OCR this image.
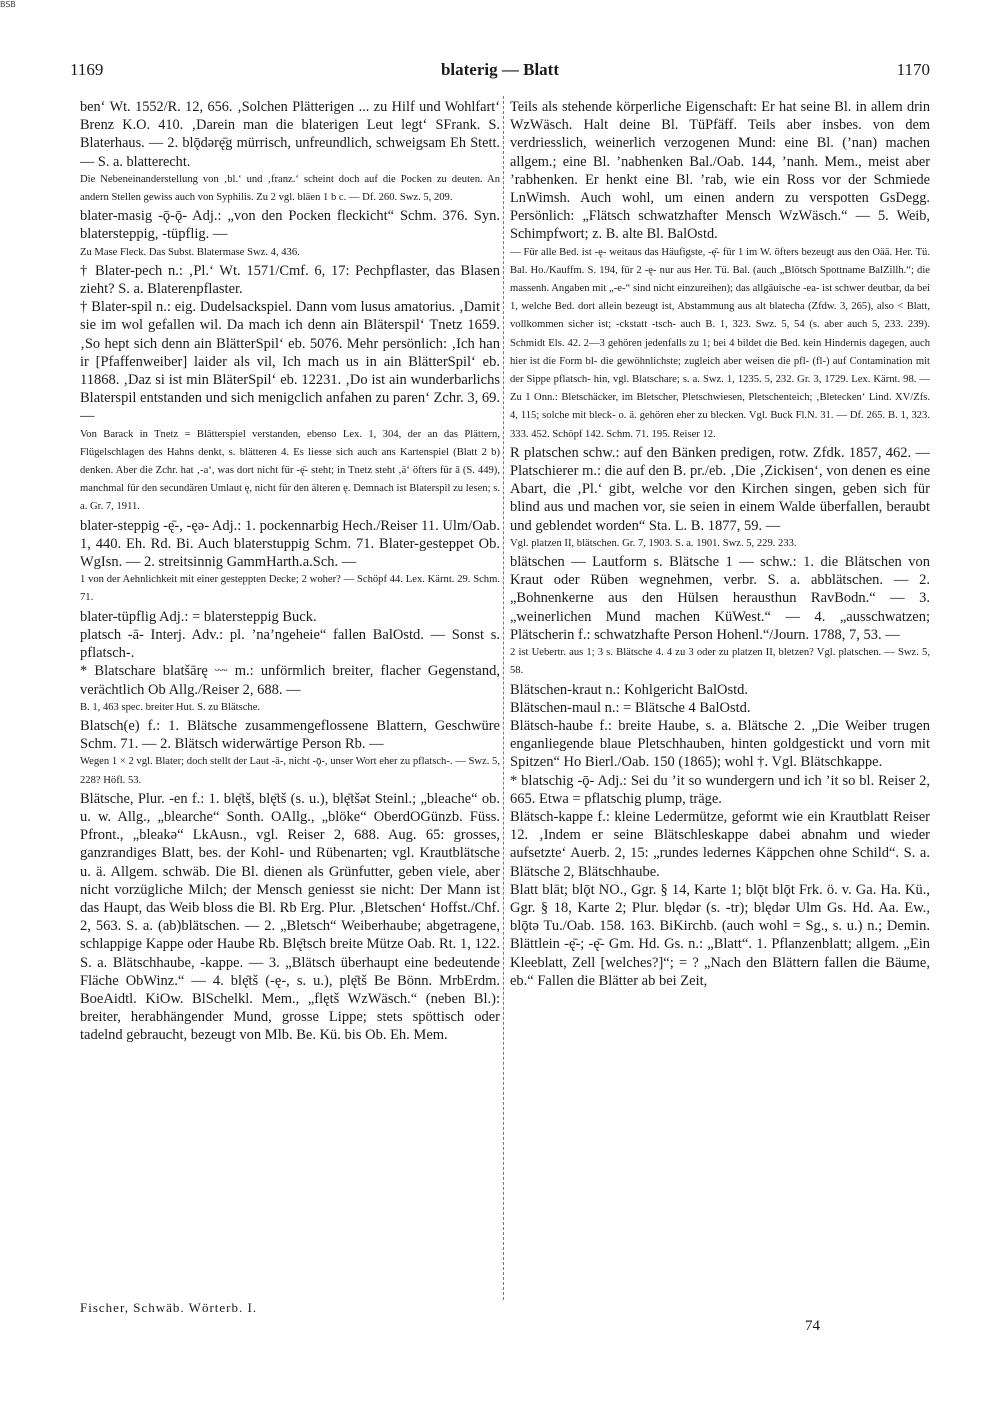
BSB
1169	blaterig — Blatt	1170

ben‘ Wt. 1552/R. 12, 656. ‚Solchen Plätterigen ... zu Hilf und Wohlfart‘ Brenz K.O. 410. ‚Darein man die blaterigen Leut legt‘ SFrank. S. Blaterhaus. — 2. blǭdərę̄g mürrisch, unfreundlich, schweigsam Eh Stett. — S. a. blatterecht.

Die Nebeneinanderstellung von ‚bl.‘ und ‚franz.‘ scheint doch auf die Pocken zu deuten. An andern Stellen gewiss auch von Syphilis. Zu 2 vgl. bläen 1 b c. — Df. 260. Swz. 5, 209.

blater-masig -ǭ-ǭ- Adj.: „von den Pocken fleckicht“ Schm. 376. Syn. blatersteppig, -tüpflig. —

Zu Mase Fleck. Das Subst. Blatermase Swz. 4, 436.

† Blater-pech n.: ‚Pl.‘ Wt. 1571/Cmf. 6, 17: Pechpflaster, das Blasen zieht? S. a. Blaterenpflaster.

† Blater-spil n.: eig. Dudelsackspiel. Dann vom lusus amatorius. ‚Damit sie im wol gefallen wil. Da mach ich denn ain Bläterspil‘ Tnetz 1659. ‚So hept sich denn ain BlätterSpil‘ eb. 5076. Mehr persönlich: ‚Ich han ir [Pfaffenweiber] laider als vil, Ich mach us in ain BlätterSpil‘ eb. 11868. ‚Daz si ist min BläterSpil‘ eb. 12231. ‚Do ist ain wunderbarlichs Blaterspil entstanden und sich menigclich anfahen zu paren‘ Zchr. 3, 69. —

Von Barack in Tnetz = Blätterspiel verstanden, ebenso Lex. 1, 304, der an das Plättern, Flügelschlagen des Hahns denkt, s. blätteren 4. Es liesse sich auch ans Kartenspiel (Blatt 2 b) denken. Aber die Zchr. hat ‚-a‘, was dort nicht für -ę̄- steht; in Tnetz steht ‚ä‘ öfters für ā (S. 449), manchmal für den secundären Umlaut ę, nicht für den älteren ę. Demnach ist Blaterspil zu lesen; s. a. Gr. 7, 1911.

blater-steppig -ę̄-, -ęə- Adj.: 1. pockennarbig Hech./Reiser 11. Ulm/Oab. 1, 440. Eh. Rd. Bi. Auch blaterstuppig Schm. 71. Blater-gesteppet Ob. WgIsn. — 2. streitsinnig GammHarth.a.Sch. —

1 von der Aehnlichkeit mit einer gesteppten Decke; 2 woher? — Schöpf 44. Lex. Kärnt. 29. Schm. 71.

blater-tüpflig Adj.: = blatersteppig Buck.

platsch -ā- Interj. Adv.: pl. ’na’ngeheie“ fallen BalOstd. — Sonst s. pflatsch-.

* Blatschare blatšārę ᵕᵕᵕ m.: unförmlich breiter, flacher Gegenstand, verächtlich Ob Allg./Reiser 2, 688. —

B. 1, 463 spec. breiter Hut. S. zu Blätsche.

Blatsch(e) f.: 1. Blätsche zusammengeflossene Blattern, Geschwüre Schm. 71. — 2. Blätsch widerwärtige Person Rb. —

Wegen 1 × 2 vgl. Blater; doch stellt der Laut -ā-, nicht -ǭ-, unser Wort eher zu pflatsch-. — Swz. 5, 228? Höfl. 53.

Blätsche, Plur. -en f.: 1. blę̄tš, blę̄tš (s. u.), blę̄tšət Steinl.; „bleache“ ob. u. w. Allg., „blearche“ Sonth. OAllg., „blöke“ OberdOGünzb. Füss. Pfront., „bleakə“ LkAusn., vgl. Reiser 2, 688. Aug. 65: grosses, ganzrandiges Blatt, bes. der Kohl- und Rübenarten; vgl. Krautblätsche u. ä. Allgem. schwäb. Die Bl. dienen als Grünfutter, geben viele, aber nicht vorzügliche Milch; der Mensch geniesst sie nicht: Der Mann ist das Haupt, das Weib bloss die Bl. Rb Erg. Plur. ‚Bletschen‘ Hoffst./Chf. 2, 563. S. a. (ab)blätschen. — 2. „Bletsch“ Weiberhaube; abgetragene, schlappige Kappe oder Haube Rb. Blę̄tsch breite Mütze Oab. Rt. 1, 122. S. a. Blätschhaube, -kappe. — 3. „Blätsch überhaupt eine bedeutende Fläche ObWinz.“ — 4. blę̄tš (-ę-, s. u.), plę̄tš Be Bönn. MrbErdm. BoeAidtl. KiOw. BlSchelkl. Mem., „flętš WzWäsch.“ (neben Bl.): breiter, herabhängender Mund, grosse Lippe; stets spöttisch oder tadelnd gebraucht, bezeugt von Mlb. Be. Kü. bis Ob. Eh. Mem.

Teils als stehende körperliche Eigenschaft: Er hat seine Bl. in allem drin WzWäsch. Halt deine Bl. TüPfäff. Teils aber insbes. von dem verdriesslich, weinerlich verzogenen Mund: eine Bl. (’nan) machen allgem.; eine Bl. ’nabhenken Bal./Oab. 144, ’nanh. Mem., meist aber ’rabhenken. Er henkt eine Bl. ’rab, wie ein Ross vor der Schmiede LnWimsh. Auch wohl, um einen andern zu verspotten GsDegg. Persönlich: „Flätsch schwatzhafter Mensch WzWäsch.“ — 5. Weib, Schimpfwort; z. B. alte Bl. BalOstd.

— Für alle Bed. ist -ę- weitaus das Häufigste, -ę̄- für 1 im W. öfters bezeugt aus den Oää. Her. Tü. Bal. Ho./Kauffm. S. 194, für 2 -ę- nur aus Her. Tü. Bal. (auch „Blötsch Spottname BalZillh.“; die massenh. Angaben mit „-e-“ sind nicht einzureihen); das allgäuische -ea- ist schwer deutbar, da bei 1, welche Bed. dort allein bezeugt ist, Abstammung aus alt blatecha (Zfdw. 3, 265), also < Blatt, vollkommen sicher ist; -ckstatt -tsch- auch B. 1, 323. Swz. 5, 54 (s. aber auch 5, 233. 239). Schmidt Els. 42. 2—3 gehören jedenfalls zu 1; bei 4 bildet die Bed. kein Hindernis dagegen, auch hier ist die Form bl- die gewöhnlichste; zugleich aber weisen die pfl- (fl-) auf Contamination mit der Sippe pflatsch- hin, vgl. Blatschare; s. a. Swz. 1, 1235. 5, 232. Gr. 3, 1729. Lex. Kärnt. 98. — Zu 1 Onn.: Bletschäcker, im Bletscher, Pletschwiesen, Pletschenteich; ‚Bletecken‘ Lind. XV/Zfs. 4, 115; solche mit bleck- o. ä. gehören eher zu blecken. Vgl. Buck Fl.N. 31. — Df. 265. B. 1, 323. 333. 452. Schöpf 142. Schm. 71. 195. Reiser 12.

R platschen schw.: auf den Bänken predigen, rotw. Zfdk. 1857, 462. — Platschierer m.: die auf den B. pr./eb. ‚Die ‚Zickisen‘, von denen es eine Abart, die ‚Pl.‘ gibt, welche vor den Kirchen singen, geben sich für blind aus und machen vor, sie seien in einem Walde überfallen, beraubt und geblendet worden“ Sta. L. B. 1877, 59. —

Vgl. platzen II, blätschen. Gr. 7, 1903. S. a. 1901. Swz. 5, 229. 233.

blätschen — Lautform s. Blätsche 1 — schw.: 1. die Blätschen von Kraut oder Rüben wegnehmen, verbr. S. a. abblätschen. — 2. „Bohnenkerne aus den Hülsen herausthun RavBodn.“ — 3. „weinerlichen Mund machen KüWest.“ — 4. „ausschwatzen; Plätscherin f.: schwatzhafte Person Hohenl.“/Journ. 1788, 7, 53. —

2 ist Uebertr. aus 1; 3 s. Blätsche 4. 4 zu 3 oder zu platzen II, bletzen? Vgl. platschen. — Swz. 5, 58.

Blätschen-kraut n.: Kohlgericht BalOstd.

Blätschen-maul n.: = Blätsche 4 BalOstd.

Blätsch-haube f.: breite Haube, s. a. Blätsche 2. „Die Weiber trugen enganliegende blaue Pletschhauben, hinten goldgestickt und vorn mit Spitzen“ Ho Bierl./Oab. 150 (1865); wohl †. Vgl. Blätschkappe.

* blatschig -ǭ- Adj.: Sei du ’it so wundergern und ich ’it so bl. Reiser 2, 665. Etwa = pflatschig plump, träge.

Blätsch-kappe f.: kleine Ledermütze, geformt wie ein Krautblatt Reiser 12. ‚Indem er seine Blätschleskappe dabei abnahm und wieder aufsetzte‘ Auerb. 2, 15: „rundes ledernes Käppchen ohne Schild“. S. a. Blätsche 2, Blätschhaube.

Blatt blāt; blǭt NO., Ggr. § 14, Karte 1; blǭt blǭt Frk. ö. v. Ga. Ha. Kü., Ggr. § 18, Karte 2; Plur. blędər (s. -tr); blędər Ulm Gs. Hd. Aa. Ew., blǭtə Tu./Oab. 158. 163. BiKirchb. (auch wohl = Sg., s. u.) n.; Demin. Blättlein -ę̄-; -ę̄- Gm. Hd. Gs. n.: „Blatt“. 1. Pflanzenblatt; allgem. „Ein Kleeblatt, Zell [welches?]“; = ? „Nach den Blättern fallen die Bäume, eb.“ Fallen die Blätter ab bei Zeit,

Fischer, Schwäb. Wörterb. I.
74
